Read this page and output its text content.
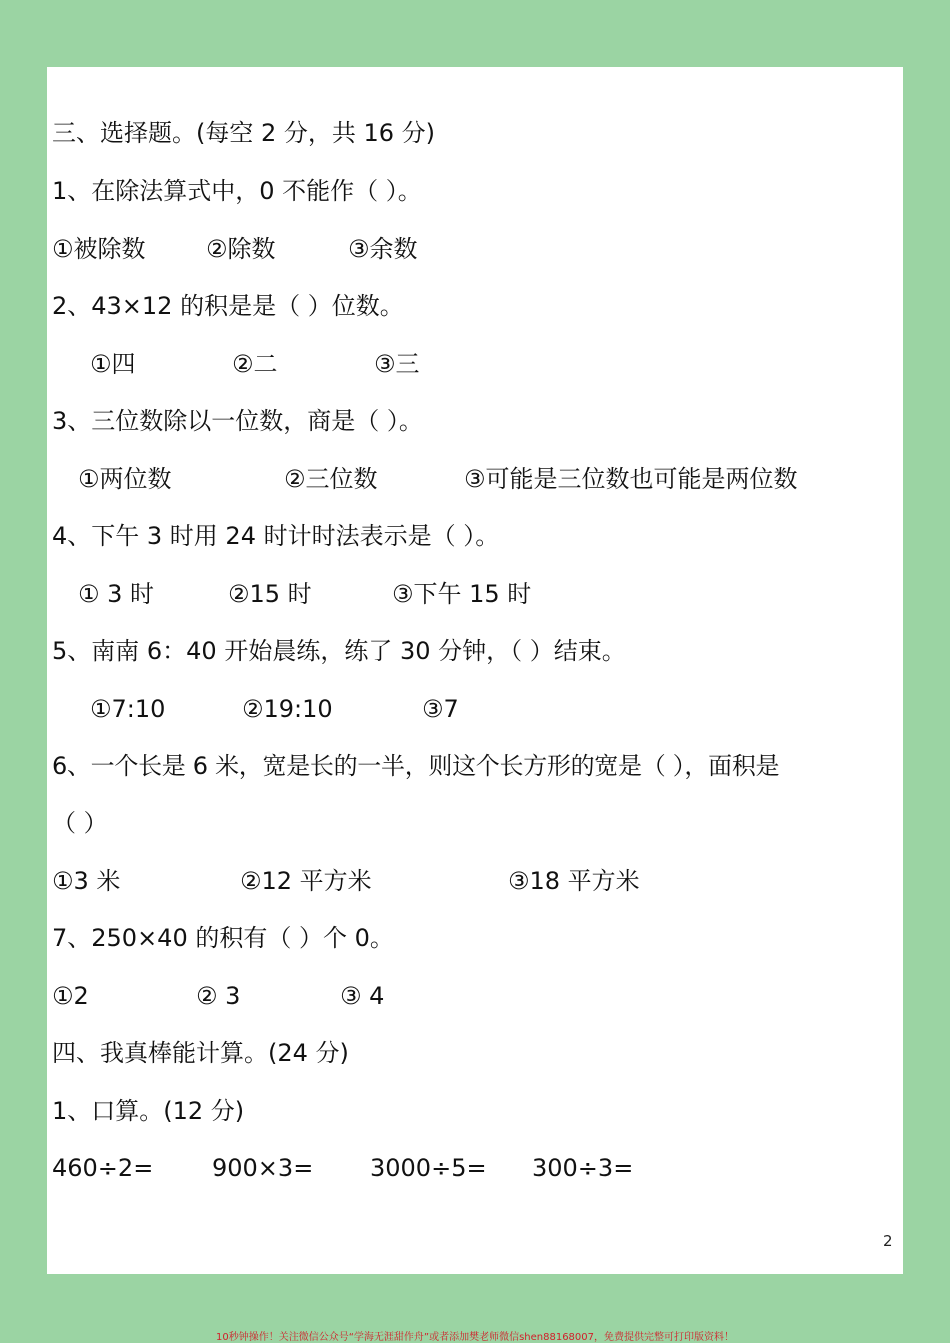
三、选择题。(每空 2 分，共 16 分)
1、在除法算式中，0 不能作（ ）。
①被除数	②除数	③余数
2、43×12 的积是是（ ）位数。
①四	②二	③三
3、三位数除以一位数，商是（ ）。
①两位数	②三位数	③可能是三位数也可能是两位数
4、下午 3 时用 24 时计时法表示是（ ）。
① 3 时	②15 时	③下午 15 时
5、南南 6：40 开始晨练，练了 30 分钟，（ ）结束。
①7:10	②19:10	③7
6、一个长是 6 米，宽是长的一半，则这个长方形的宽是（ ），面积是
（ ）
①3 米	②12 平方米	③18 平方米
7、250×40 的积有（ ）个 0。
①2	② 3	③ 4
四、我真棒能计算。(24 分)
1、口算。(12 分)
460÷2= 900×3= 3000÷5= 300÷3=
2
10秒钟操作！关注微信公众号“学海无涯甜作舟”或者添加樊老师微信shen88168007，免费提供完整可打印版资料！
